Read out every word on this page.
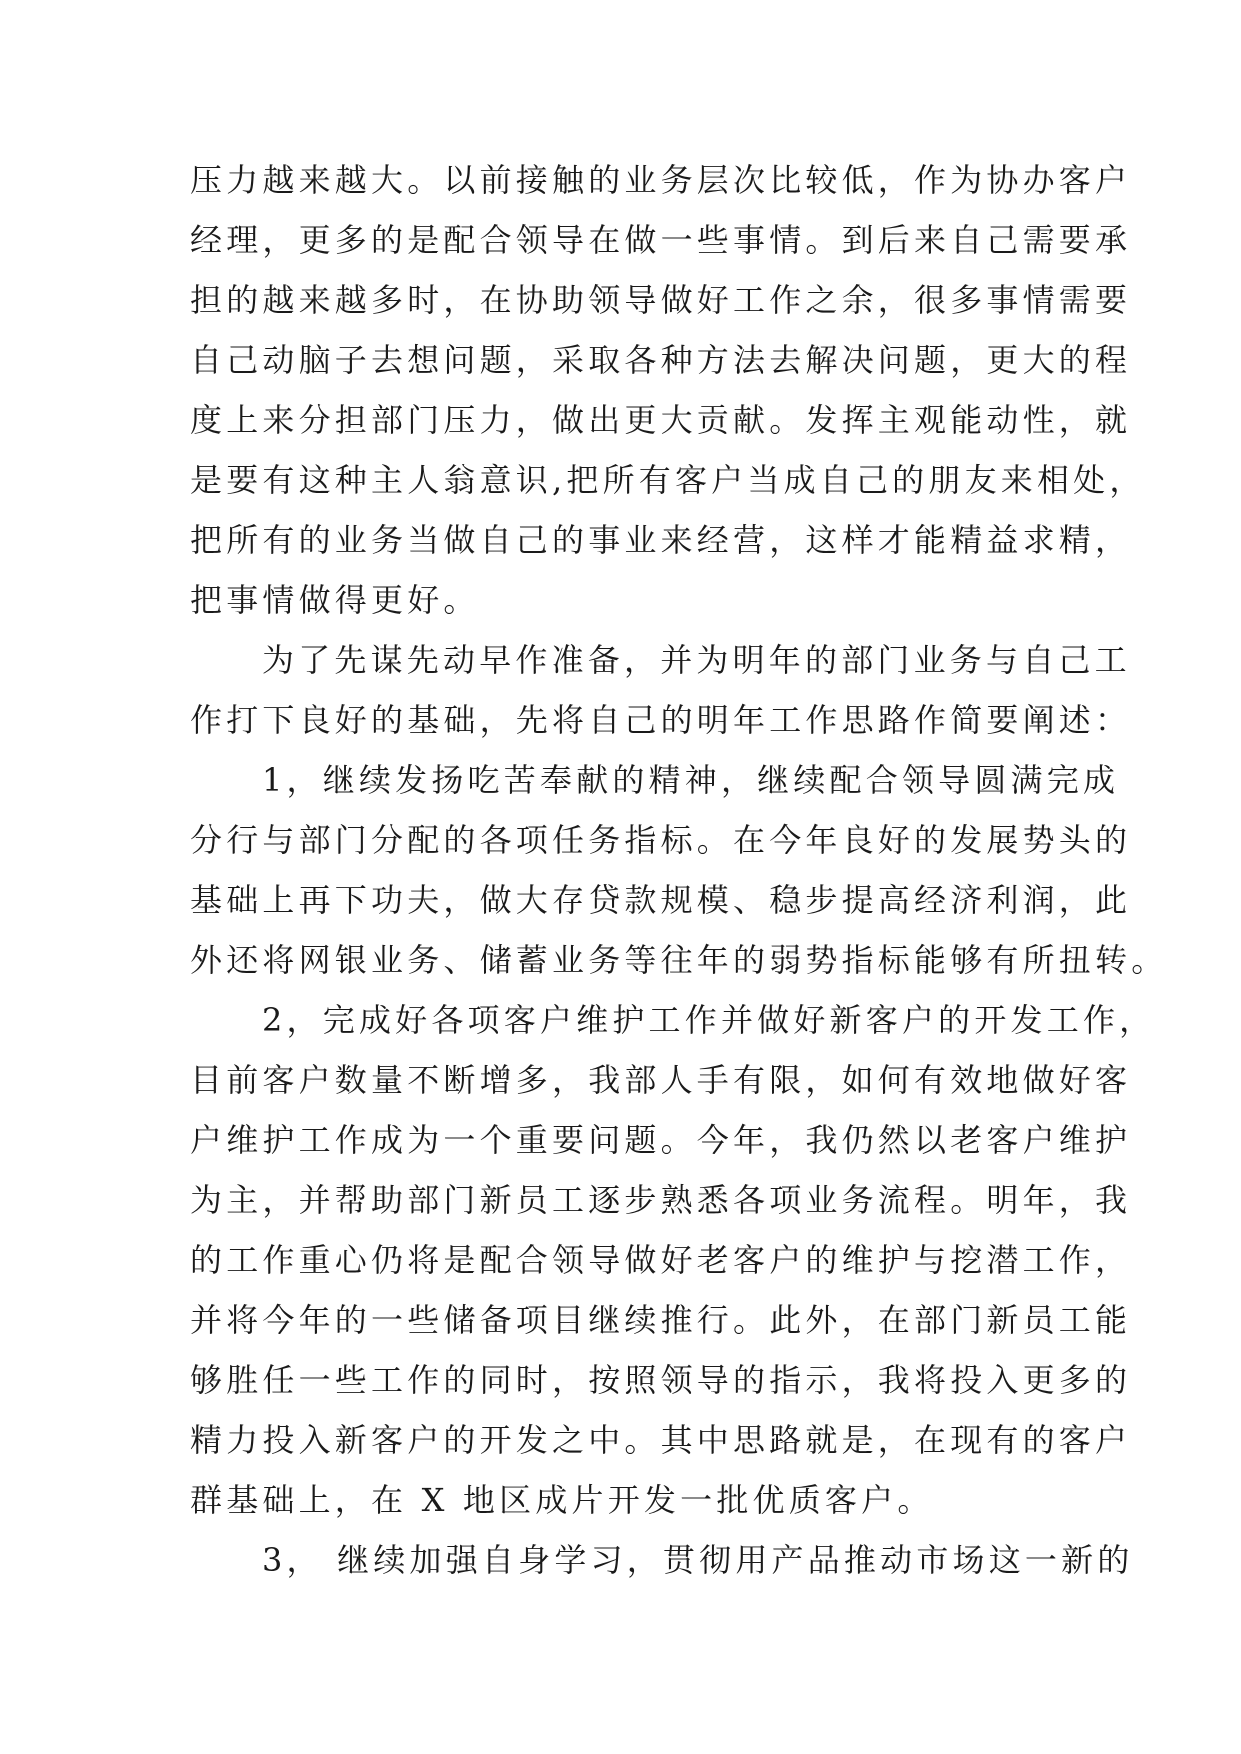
压力越来越大。以前接触的业务层次比较低，作为协办客户
经理，更多的是配合领导在做一些事情。到后来自己需要承
担的越来越多时，在协助领导做好工作之余，很多事情需要
自己动脑子去想问题，采取各种方法去解决问题，更大的程
度上来分担部门压力，做出更大贡献。发挥主观能动性，就
是要有这种主人翁意识,把所有客户当成自己的朋友来相处，
把所有的业务当做自己的事业来经营，这样才能精益求精，
把事情做得更好。
为了先谋先动早作准备，并为明年的部门业务与自己工
作打下良好的基础，先将自己的明年工作思路作简要阐述：
1，继续发扬吃苦奉献的精神，继续配合领导圆满完成
分行与部门分配的各项任务指标。在今年良好的发展势头的
基础上再下功夫，做大存贷款规模、稳步提高经济利润，此
外还将网银业务、储蓄业务等往年的弱势指标能够有所扭转。
2，完成好各项客户维护工作并做好新客户的开发工作，
目前客户数量不断增多，我部人手有限，如何有效地做好客
户维护工作成为一个重要问题。今年，我仍然以老客户维护
为主，并帮助部门新员工逐步熟悉各项业务流程。明年，我
的工作重心仍将是配合领导做好老客户的维护与挖潜工作，
并将今年的一些储备项目继续推行。此外，在部门新员工能
够胜任一些工作的同时，按照领导的指示，我将投入更多的
精力投入新客户的开发之中。其中思路就是，在现有的客户
群基础上，在 X 地区成片开发一批优质客户。
3， 继续加强自身学习，贯彻用产品推动市场这一新的
